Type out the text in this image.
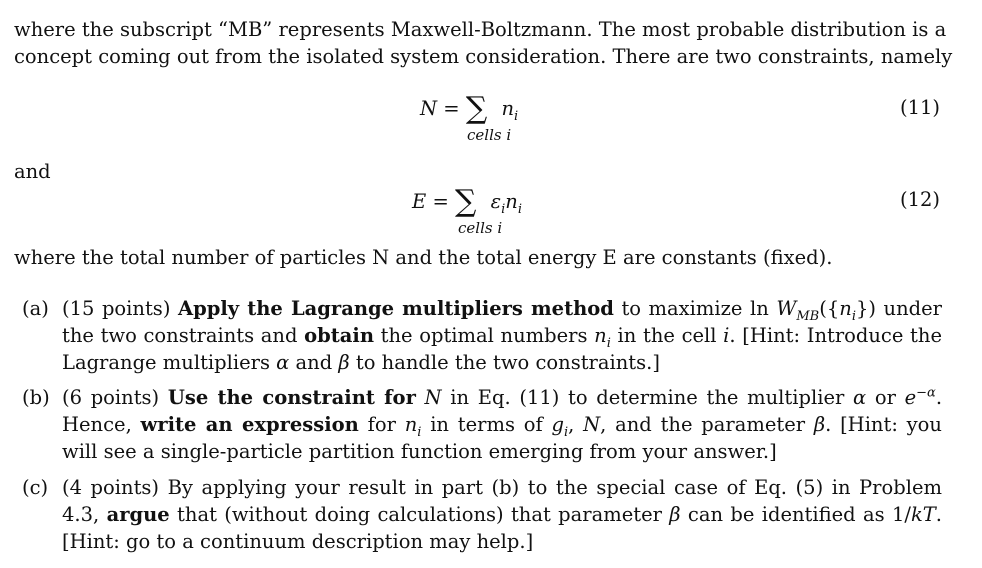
where the subscript “MB” represents Maxwell-Boltzmann. The most probable distribution is a
concept coming out from the isolated system consideration. There are two constraints, namely
N = ∑ $n_i$
cells i
(11)
and
E = ∑ $\varepsilon_in_i$
cells i
(12)
where the total number of particles N and the total energy E are constants (fixed).
(a) (15 points) Apply the Lagrange multipliers method to maximize $\ln W_{MB}(\{n_i\})$ under the two constraints and obtain the optimal numbers $n_i$ in the cell i. [Hint: Introduce the Lagrange multipliers α and β to handle the two constraints.]
(b) (6 points) Use the constraint for N in Eq. (11) to determine the multiplier α or $e^{-\alpha}$. Hence, write an expression for $n_i$ in terms of $g_i$, N, and the parameter β. [Hint: you will see a single-particle partition function emerging from your answer.]
(c) (4 points) By applying your result in part (b) to the special case of Eq. (5) in Problem 4.3, argue that (without doing calculations) that parameter β can be identified as 1/kT. [Hint: go to a continuum description may help.]
